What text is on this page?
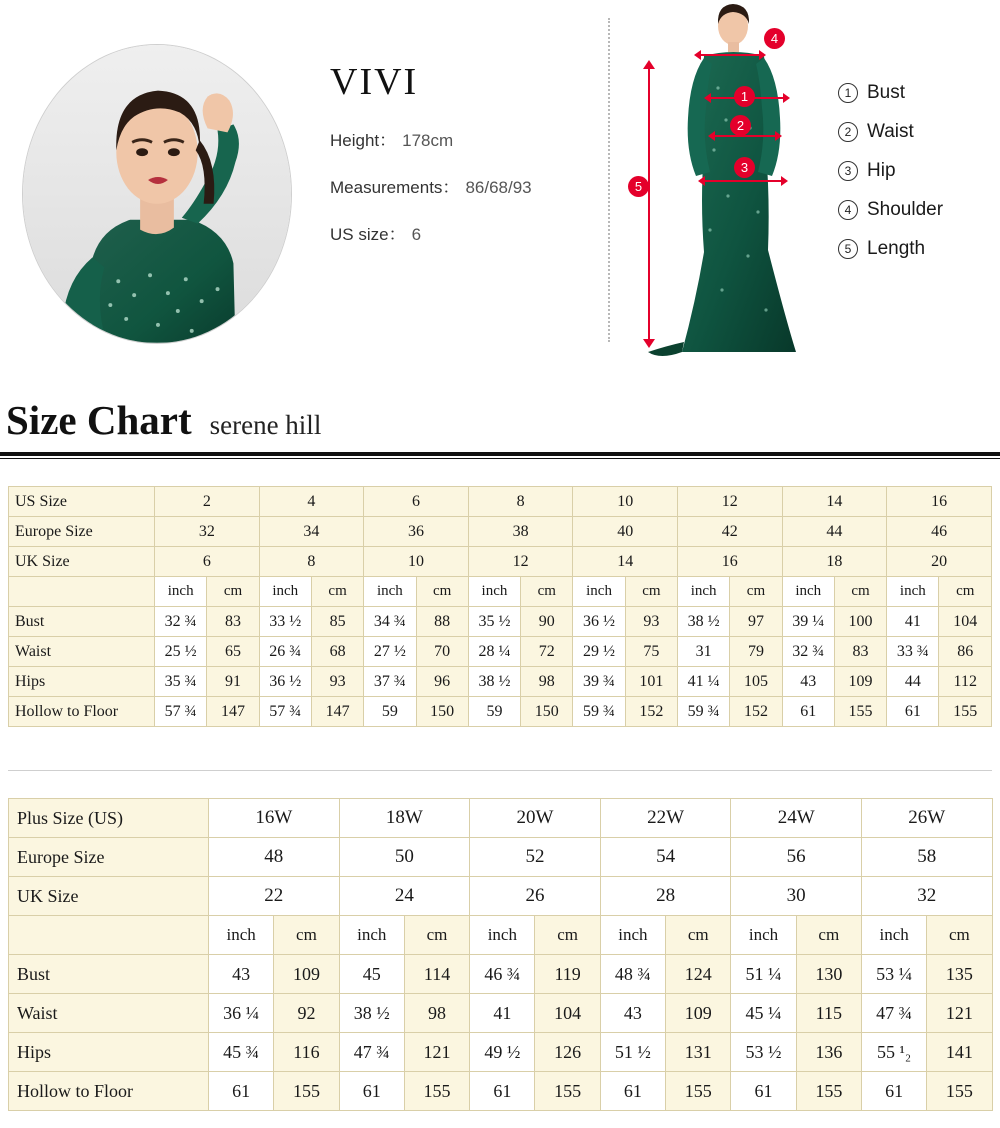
VIVI
Height： 178cm
Measurements： 86/68/93
US size： 6
4
1
2
3
5
1 Bust
2 Waist
3 Hip
4 Shoulder
5 Length
Size Chart serene hill
US Size	2		4		6		8		10		12		14		16	
Europe Size	32		34		36		38		40		42		44		46	
UK Size	6		8		10		12		14		16		18		20	
	inch	cm	inch	cm	inch	cm	inch	cm	inch	cm	inch	cm	inch	cm	inch	cm
Bust	32 ¾	83	33 ½	85	34 ¾	88	35 ½	90	36 ½	93	38 ½	97	39 ¼	100	41	104
Waist	25 ½	65	26 ¾	68	27 ½	70	28 ¼	72	29 ½	75	31	79	32 ¾	83	33 ¾	86
Hips	35 ¾	91	36 ½	93	37 ¾	96	38 ½	98	39 ¾	101	41 ¼	105	43	109	44	112
Hollow to Floor	57 ¾	147	57 ¾	147	59	150	59	150	59 ¾	152	59 ¾	152	61	155	61	155
Plus Size (US)	16W		18W		20W		22W		24W		26W	
Europe Size	48		50		52		54		56		58	
UK Size	22		24		26		28		30		32	
	inch	cm	inch	cm	inch	cm	inch	cm	inch	cm	inch	cm
Bust	43	109	45	114	46 ¾	119	48 ¾	124	51 ¼	130	53 ¼	135
Waist	36 ¼	92	38 ½	98	41	104	43	109	45 ¼	115	47 ¾	121
Hips	45 ¾	116	47 ¾	121	49 ½	126	51 ½	131	53 ½	136	55 ¹₂	141
Hollow to Floor	61	155	61	155	61	155	61	155	61	155	61	155
